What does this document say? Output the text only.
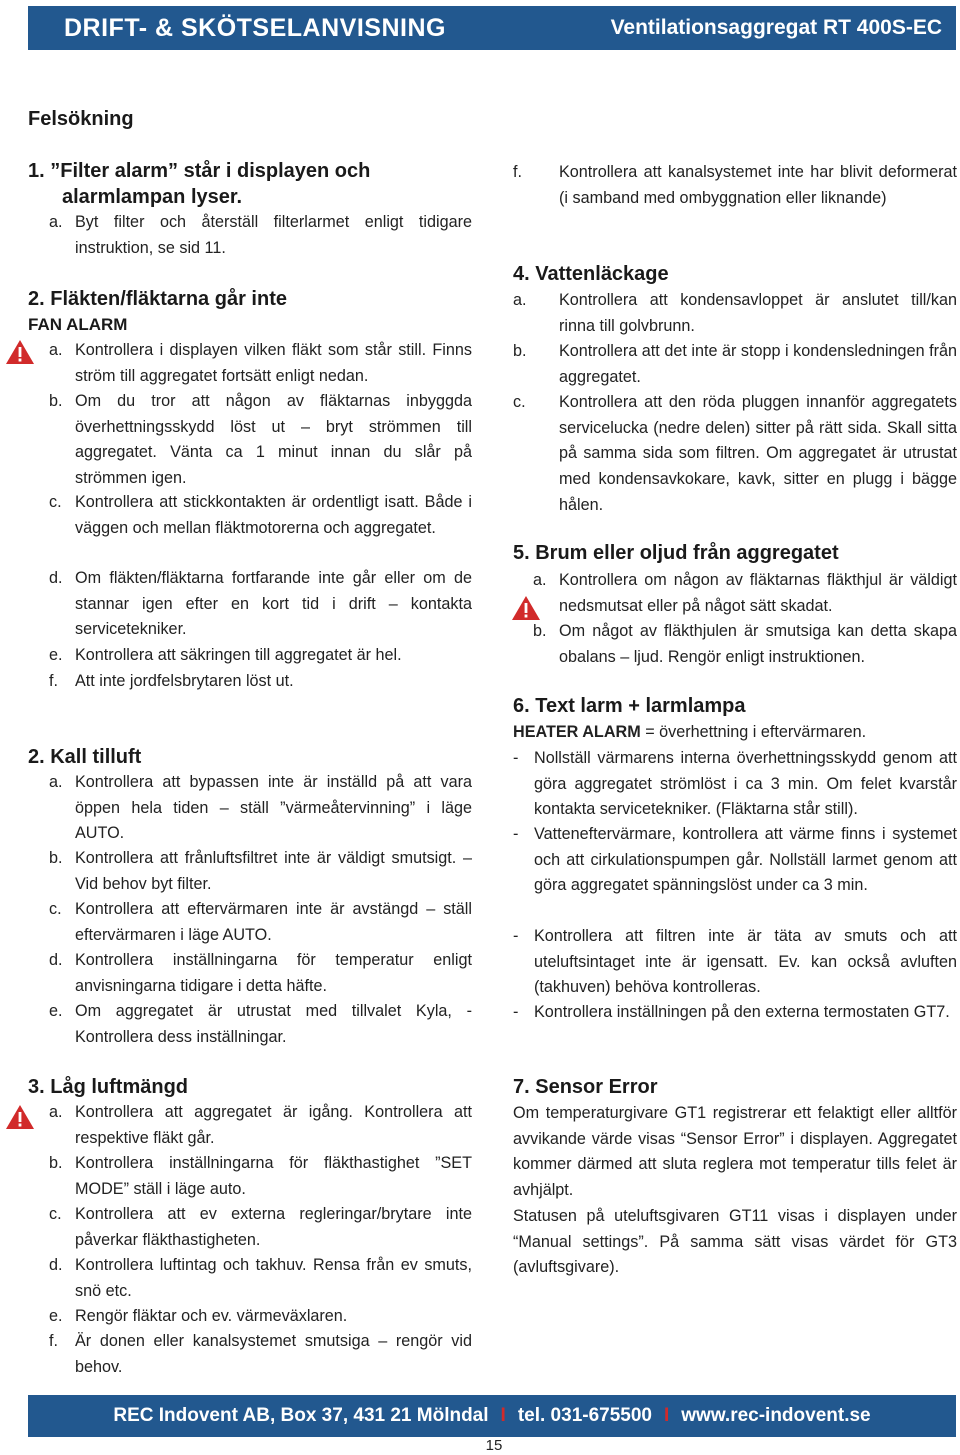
DRIFT- & SKÖTSELANVISNING	Ventilationsaggregat RT 400S-EC
Felsökning
1. ”Filter alarm” står i displayen och
alarmlampan lyser.
a. Byt filter och återställ filterlarmet enligt tidigare instruktion, se sid 11.
2. Fläkten/fläktarna går inte
FAN ALARM
a. Kontrollera i displayen vilken fläkt som står still. Finns ström till aggregatet fortsätt enligt nedan.
b. Om du tror att någon av fläktarnas inbyggda överhettningsskydd löst ut – bryt strömmen till aggregatet. Vänta ca 1 minut innan du slår på strömmen igen.
c. Kontrollera att stickkontakten är ordentligt isatt. Både i väggen och mellan fläktmotorerna och aggregatet.
d. Om fläkten/fläktarna fortfarande inte går eller om de stannar igen efter en kort tid i drift – kontakta servicetekniker.
e. Kontrollera att säkringen till aggregatet är hel.
f. Att inte jordfelsbrytaren löst ut.
2. Kall tilluft
a. Kontrollera att bypassen inte är inställd på att vara öppen hela tiden – ställ ”värmeåtervinning” i läge AUTO.
b. Kontrollera att frånluftsfiltret inte är väldigt smutsigt. – Vid behov byt filter.
c. Kontrollera att eftervärmaren inte är avstängd – ställ eftervärmaren i läge AUTO.
d. Kontrollera inställningarna för temperatur enligt anvisningarna tidigare i detta häfte.
e. Om aggregatet är utrustat med tillvalet Kyla, - Kontrollera dess inställningar.
3. Låg luftmängd
a. Kontrollera att aggregatet är igång. Kontrollera att respektive fläkt går.
b. Kontrollera inställningarna för fläkthastighet ”SET MODE” ställ i läge auto.
c. Kontrollera att ev externa regleringar/brytare inte påverkar fläkthastigheten.
d. Kontrollera luftintag och takhuv. Rensa från ev smuts, snö etc.
e. Rengör fläktar och ev. värmeväxlaren.
f. Är donen eller kanalsystemet smutsiga – rengör vid behov.
f. Kontrollera att kanalsystemet inte har blivit deformerat (i samband med ombyggnation eller liknande)
4. Vattenläckage
a. Kontrollera att kondensavloppet är anslutet till/kan rinna till golvbrunn.
b. Kontrollera att det inte är stopp i kondensledningen från aggregatet.
c. Kontrollera att den röda pluggen innanför aggregatets servicelucka (nedre delen) sitter på rätt sida. Skall sitta på samma sida som filtren. Om aggregatet är utrustat med kondensavkokare, kavk, sitter en plugg i bägge hålen.
5. Brum eller oljud från aggregatet
a. Kontrollera om någon av fläktarnas fläkthjul är väldigt nedsmutsat eller på något sätt skadat.
b. Om något av fläkthjulen är smutsiga kan detta skapa obalans – ljud. Rengör enligt instruktionen.
6. Text larm + larmlampa
HEATER ALARM = överhettning i eftervärmaren.
- Nollställ värmarens interna överhettningsskydd genom att göra aggregatet strömlöst i ca 3 min. Om felet kvarstår kontakta servicetekniker. (Fläktarna står still).
- Vatteneftervärmare, kontrollera att värme finns i systemet och att cirkulationspumpen går. Nollställ larmet genom att göra aggregatet spänningslöst under ca 3 min.
- Kontrollera att filtren inte är täta av smuts och att uteluftsintaget inte är igensatt. Ev. kan också avluften (takhuven) behöva kontrolleras.
- Kontrollera inställningen på den externa termostaten GT7.
7. Sensor Error
Om temperaturgivare GT1 registrerar ett felaktigt eller alltför avvikande värde visas “Sensor Error” i displayen. Aggregatet kommer därmed att sluta reglera mot temperatur tills felet är avhjälpt.
Statusen på uteluftsgivaren GT11 visas i displayen under “Manual settings”. På samma sätt visas värdet för GT3 (avluftsgivare).
REC Indovent AB, Box 37, 431 21 Mölndal I tel. 031-675500 I www.rec-indovent.se
15
